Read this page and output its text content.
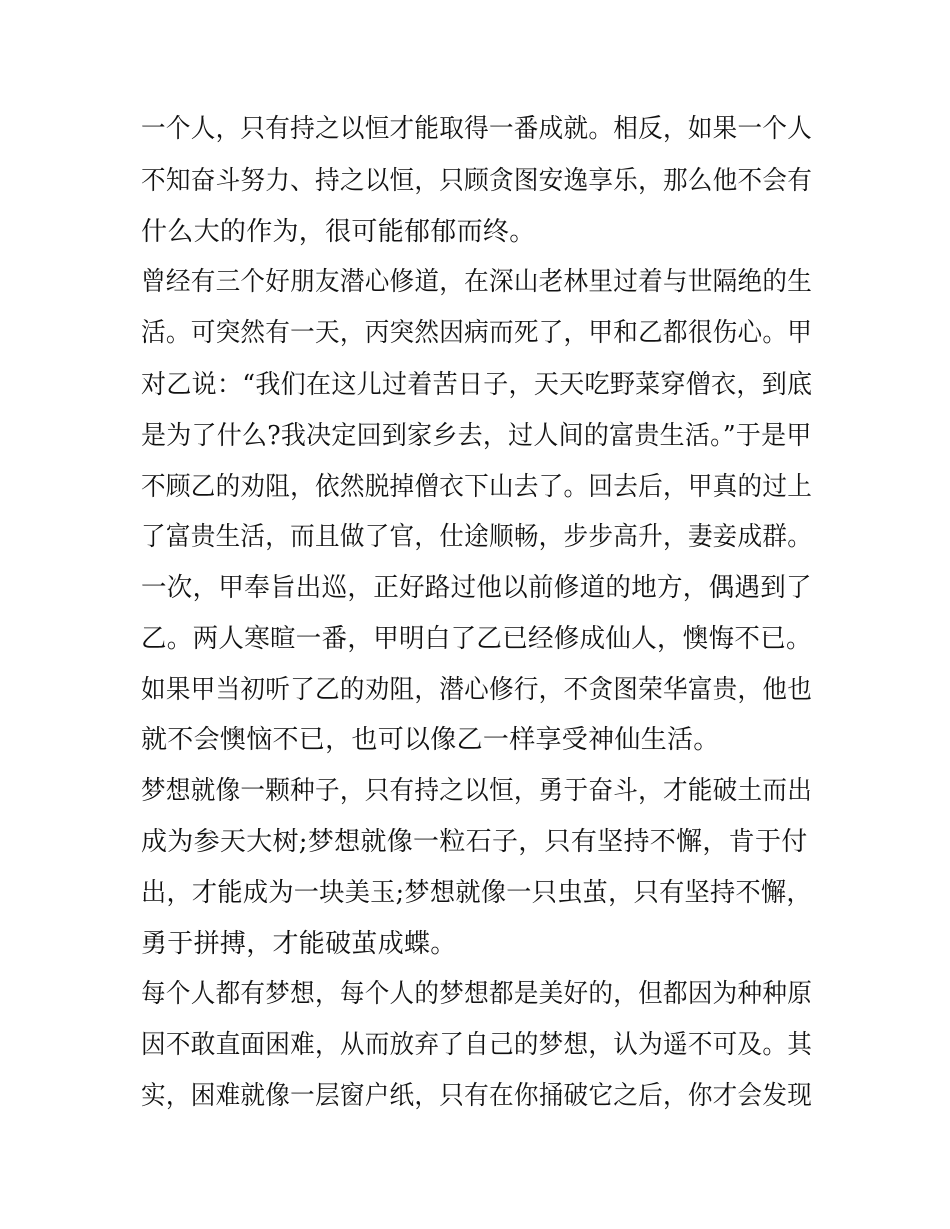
一个人，只有持之以恒才能取得一番成就。相反，如果一个人
不知奋斗努力、持之以恒，只顾贪图安逸享乐，那么他不会有
什么大的作为，很可能郁郁而终。
曾经有三个好朋友潜心修道，在深山老林里过着与世隔绝的生
活。可突然有一天，丙突然因病而死了，甲和乙都很伤心。甲
对乙说：“我们在这儿过着苦日子，天天吃野菜穿僧衣，到底
是为了什么?我决定回到家乡去，过人间的富贵生活。”于是甲
不顾乙的劝阻，依然脱掉僧衣下山去了。回去后，甲真的过上
了富贵生活，而且做了官，仕途顺畅，步步高升，妻妾成群。
一次，甲奉旨出巡，正好路过他以前修道的地方，偶遇到了
乙。两人寒暄一番，甲明白了乙已经修成仙人，懊悔不已。
如果甲当初听了乙的劝阻，潜心修行，不贪图荣华富贵，他也
就不会懊恼不已，也可以像乙一样享受神仙生活。
梦想就像一颗种子，只有持之以恒，勇于奋斗，才能破土而出
成为参天大树;梦想就像一粒石子，只有坚持不懈，肯于付
出，才能成为一块美玉;梦想就像一只虫茧，只有坚持不懈，
勇于拼搏，才能破茧成蝶。
每个人都有梦想，每个人的梦想都是美好的，但都因为种种原
因不敢直面困难，从而放弃了自己的梦想，认为遥不可及。其
实，困难就像一层窗户纸，只有在你捅破它之后，你才会发现
